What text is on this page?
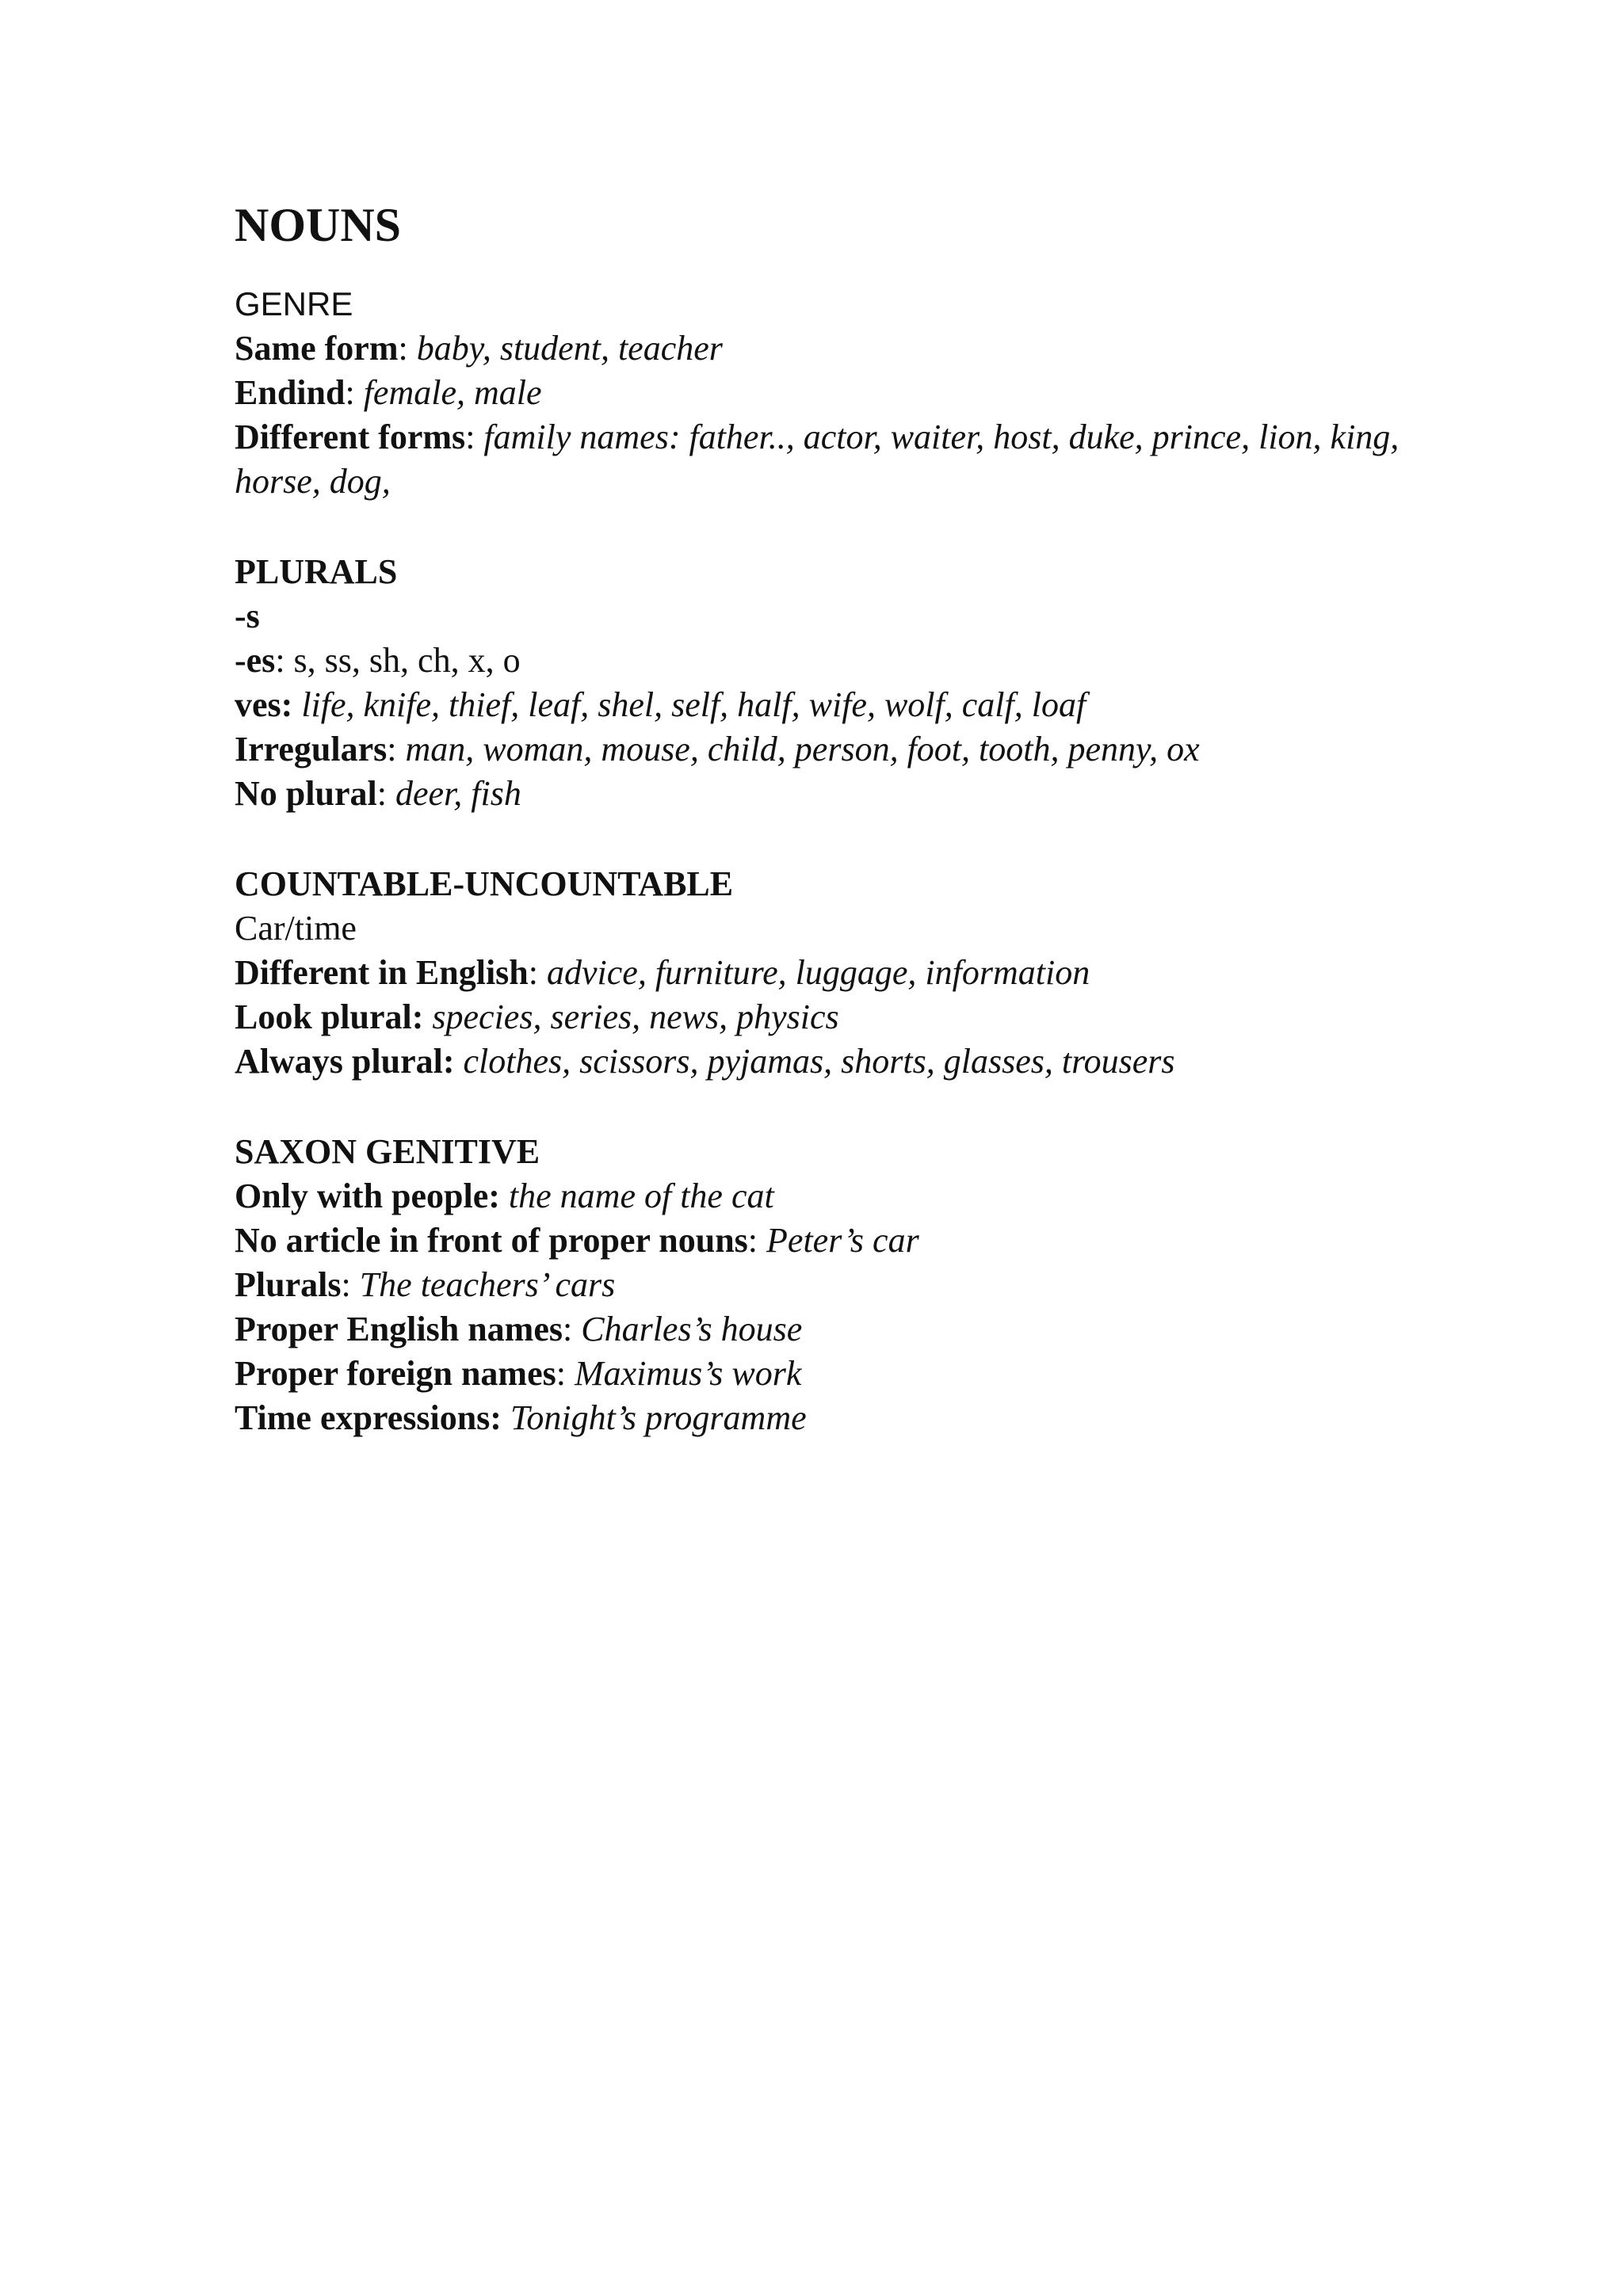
NOUNS
GENRE
Same form: baby, student, teacher
Endind: female, male
Different forms: family names: father.., actor, waiter, host, duke, prince, lion, king, horse, dog,
PLURALS
-s
-es: s, ss, sh, ch, x, o
ves: life, knife, thief, leaf, shel, self, half, wife, wolf, calf, loaf
Irregulars: man, woman, mouse, child, person, foot, tooth, penny, ox
No plural: deer, fish
COUNTABLE-UNCOUNTABLE
Car/time
Different in English: advice, furniture, luggage, information
Look plural: species, series, news, physics
Always plural: clothes, scissors, pyjamas, shorts, glasses, trousers
SAXON GENITIVE
Only with people: the name of the cat
No article in front of proper nouns: Peter’s car
Plurals: The teachers’ cars
Proper English names: Charles’s house
Proper foreign names: Maximus’s work
Time expressions: Tonight’s programme
